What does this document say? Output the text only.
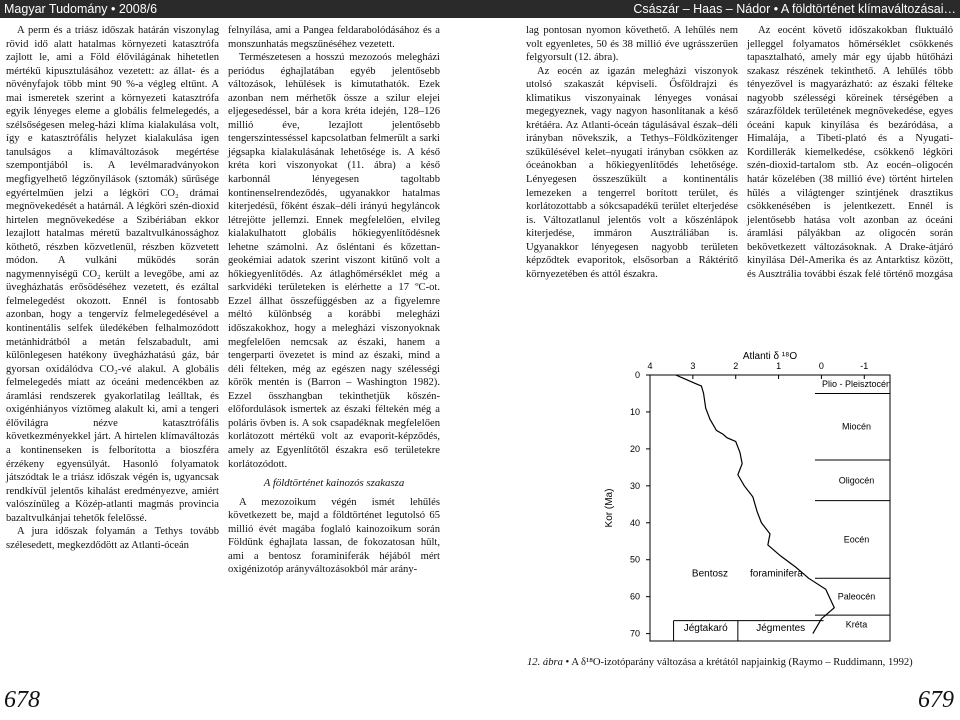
Magyar Tudomány • 2008/6	Császár – Haas – Nádor • A földtörténet klímaváltozásai…

A perm és a triász időszak határán viszonylag rövid idő alatt hatalmas környezeti katasztrófa zajlott le, ami a Föld élővilágának hihetetlen mértékű kipusztulásához vezetett: az állat- és a növényfajok több mint 90 %-a végleg eltűnt. A mai ismeretek szerint a környezeti katasztrófa egyik lényeges eleme a globális felmelegedés, a szélsőségesen meleg-házi klíma kialakulása volt, így e katasztrófális helyzet kialakulása igen tanulságos a klímaváltozások megértése szempontjából is. A levélmaradványokon megfigyelhető légzőnyílások (sztomák) sűrűsége egyértelműen jelzi a légköri CO₂ drámai megnövekedését a határnál. A légköri szén-dioxid hirtelen megnövekedése a Szibériában ekkor lezajlott hatalmas méretű bazaltvulkánossághoz köthető, részben közvetlenül, részben közvetett módon. A vulkáni működés során nagymennyiségű CO₂ került a levegőbe, ami az üvegházhatás erősödéséhez vezetett, és ezáltal felmelegedést okozott. Ennél is fontosabb azonban, hogy a tengervíz felmelegedésével a kontinentális selfek üledékében felhalmozódott metánhidrátból a metán felszabadult, ami különlegesen hatékony üvegházhatású gáz, bár gyorsan oxidálódva CO₂-vé alakul. A globális felmelegedés miatt az óceáni medencékben az áramlási rendszerek gyakorlatilag leálltak, és oxigénhiányos víztömeg alakult ki, ami a tengeri élővilágra nézve katasztrófális következményekkel járt. A hirtelen klímaváltozás a kontinenseken is felborította a bioszféra érzékeny egyensúlyát. Hasonló folyamatok játszódtak le a triász időszak végén is, ugyancsak rendkívül jelentős kihalást eredményezve, amiért valószínűleg a Közép-atlanti magmás provincia bazaltvulkánjai tehetők felelőssé.

A jura időszak folyamán a Tethys tovább szélesedett, megkezdődött az Atlanti-óceán

felnyílása, ami a Pangea feldarabolódásához és a monszunhatás megszűnéséhez vezetett.

Természetesen a hosszú mezozoós melegházi periódus éghajlatában egyéb jelentősebb változások, lehülések is kimutathatók. Ezek azonban nem mérhetők össze a szilur elejei eljegesedéssel, bár a kora kréta idején, 128–126 millió éve, lezajlott jelentősebb tengerszintesséssel kapcsolatban felmerült a sarki jégsapka kialakulásának lehetősége is. A késő kréta kori viszonyokat (11. ábra) a késő karbonnál lényegesen tagoltabb kontinenselrendeződés, ugyanakkor hatalmas kiterjedésű, főként észak–déli irányú hegyláncok létrejötte jellemzi. Ennek megfelelően, elvileg kialakulhatott globális hőkiegyenlítődésnek lehetne számolni. Az ősléntani és kőzettan-geokémiai adatok szerint viszont kitűnő volt a hőkiegyenlítődés. Az átlaghőmérséklet még a sarkvidéki területeken is elérhette a 17 ºC-ot. Ezzel állhat összefüggésben az a figyelemre méltó különbség a korábbi melegházi időszakokhoz, hogy a melegházi viszonyoknak megfelelően nemcsak az északi, hanem a tengerparti övezetet is mind az északi, mind a déli félteken, még az egészen nagy szélességi körök mentén is (Barron – Washington 1982). Ezzel összhangban tekinthetjük kőszén-előfordulások ismertek az északi féltekén még a poláris övben is. A sok csapadéknak megfelelően korlátozott mértékű volt az evaporit-képződés, amely az Egyenlítőtől északra eső területekre korlátozódott.

A földtörténet kainozós szakasza

A mezozoikum végén ismét lehűlés következett be, majd a földtörténet legutolsó 65 millió évét magába foglaló kainozoikum során Földünk éghajlata lassan, de fokozatosan hűlt, ami a bentosz foraminiferák héjából mért oxigénizotóp arányváltozásokból már arány-

lag pontosan nyomon követhető. A lehűlés nem volt egyenletes, 50 és 38 millió éve ugrásszerűen felgyorsult (12. ábra).

Az eocén az igazán melegházi viszonyok utolsó szakaszát képviseli. Ősföldrajzi és klimatikus viszonyainak lényeges vonásai megegyeznek, vagy nagyon hasonlítanak a késő krétáéra. Az Atlanti-óceán tágulásával észak–déli irányban növekszik, a Tethys–Földközitenger szűkülésével kelet–nyugati irányban csökken az óceánokban a hőkiegyenlítődés lehetősége. Lényegesen összeszűkült a kontinentális lemezeken a tengerrel borított terület, és korlátozottabb a sókcsapadékű terület elterjedése is. Változatlanul jelentős volt a kőszénlápok kiterjedése, immáron Ausztráliában is. Ugyanakkor lényegesen nagyobb területen képződtek evaporitok, elsősorban a Ráktérítő környezetében és attól északra.

Az eocént követő időszakokban fluktuáló jelleggel folyamatos hőmérséklet csökkenés tapasztalható, amely már egy újabb hűtőházi szakasz részének tekinthető. A lehűlés több tényezővel is magyarázható: az északi félteke nagyobb szélességi köreinek térségében a szárazföldek területének megnövekedése, egyes óceáni kapuk kinyílása és bezáródása, a Himalája, a Tibeti-plató és a Nyugati-Kordillerák kiemelkedése, csökkenő légköri szén-dioxid-tartalom stb. Az eocén–oligocén határ közelében (38 millió éve) történt hirtelen hűlés a világtenger szintjének drasztikus csökkenésében is jelentkezett. Ennél is jelentősebb hatása volt azonban az óceáni áramlási pályákban az oligocén során bekövetkezett változásoknak. A Drake-átjáró kinyílása Dél-Amerika és az Antarktisz között, és Ausztrália további észak felé történő mozgása

Plio - Pleisztocén
Miocén
Oligocén
Eocén
Paleocén
Kréta
4	3	2	1	0	-1
0
10
20
30
40
50
60
70
Atlanti δ ¹⁸O
Kor (Ma)
Bentosz foraminifera
Jégtakaró	Jégmentes
12. ábra • A δ¹⁸O-izotóparány változása a krétától napjainkig (Raymo – Ruddimann, 1992)
678	679
